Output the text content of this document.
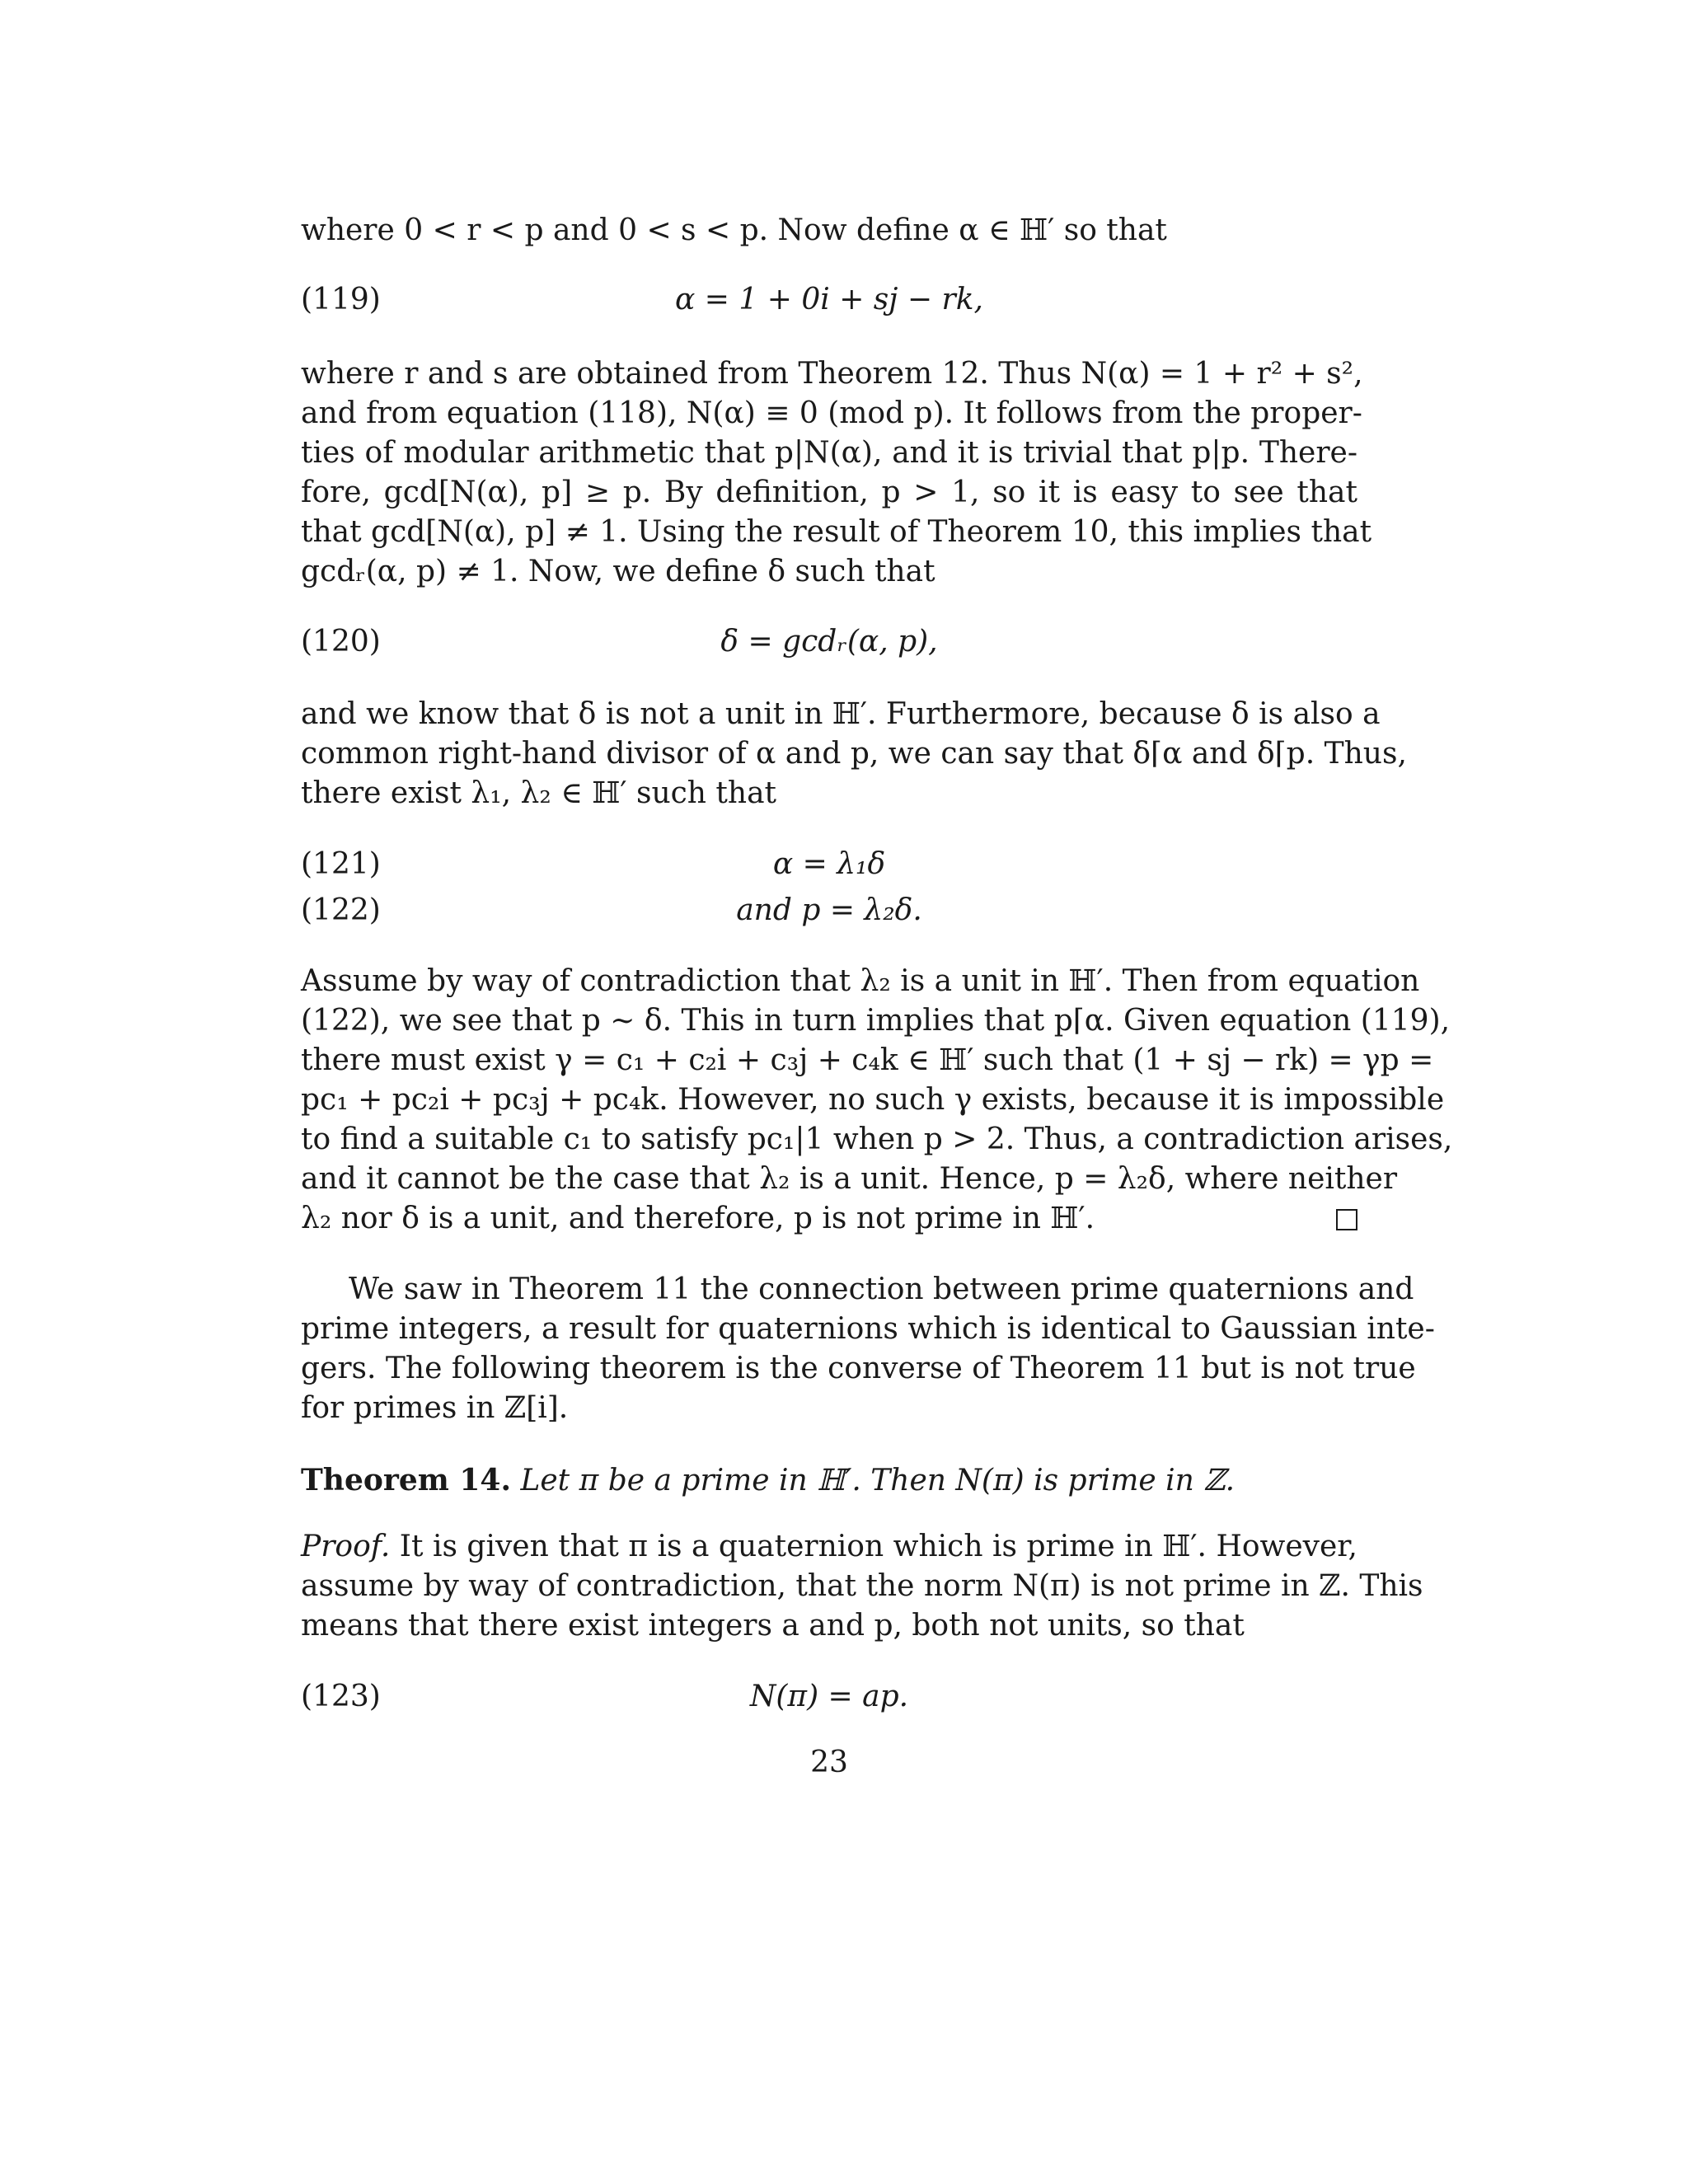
where 0 < r < p and 0 < s < p. Now define α ∈ ℍ′ so that
(119)	α = 1 + 0i + sj − rk,
where r and s are obtained from Theorem 12. Thus N(α) = 1 + r² + s²,
and from equation (118), N(α) ≡ 0 (mod p). It follows from the proper-
ties of modular arithmetic that p|N(α), and it is trivial that p|p. There-
fore, gcd[N(α), p] ≥ p. By definition, p > 1, so it is easy to see that
that gcd[N(α), p] ≠ 1. Using the result of Theorem 10, this implies that
gcdᵣ(α, p) ≠ 1. Now, we define δ such that
(120)	δ = gcdᵣ(α, p),
and we know that δ is not a unit in ℍ′. Furthermore, because δ is also a
common right-hand divisor of α and p, we can say that δ⌈α and δ⌈p. Thus,
there exist λ₁, λ₂ ∈ ℍ′ such that
(121)	α = λ₁δ
(122)	and p = λ₂δ.
Assume by way of contradiction that λ₂ is a unit in ℍ′. Then from equation
(122), we see that p ∼ δ. This in turn implies that p⌈α. Given equation (119),
there must exist γ = c₁ + c₂i + c₃j + c₄k ∈ ℍ′ such that (1 + sj − rk) = γp =
pc₁ + pc₂i + pc₃j + pc₄k. However, no such γ exists, because it is impossible
to find a suitable c₁ to satisfy pc₁|1 when p > 2. Thus, a contradiction arises,
and it cannot be the case that λ₂ is a unit. Hence, p = λ₂δ, where neither
λ₂ nor δ is a unit, and therefore, p is not prime in ℍ′.
We saw in Theorem 11 the connection between prime quaternions and
prime integers, a result for quaternions which is identical to Gaussian inte-
gers. The following theorem is the converse of Theorem 11 but is not true
for primes in ℤ[i].
Theorem 14. Let π be a prime in ℍ′. Then N(π) is prime in ℤ.
Proof. It is given that π is a quaternion which is prime in ℍ′. However,
assume by way of contradiction, that the norm N(π) is not prime in ℤ. This
means that there exist integers a and p, both not units, so that
(123)	N(π) = ap.
23
